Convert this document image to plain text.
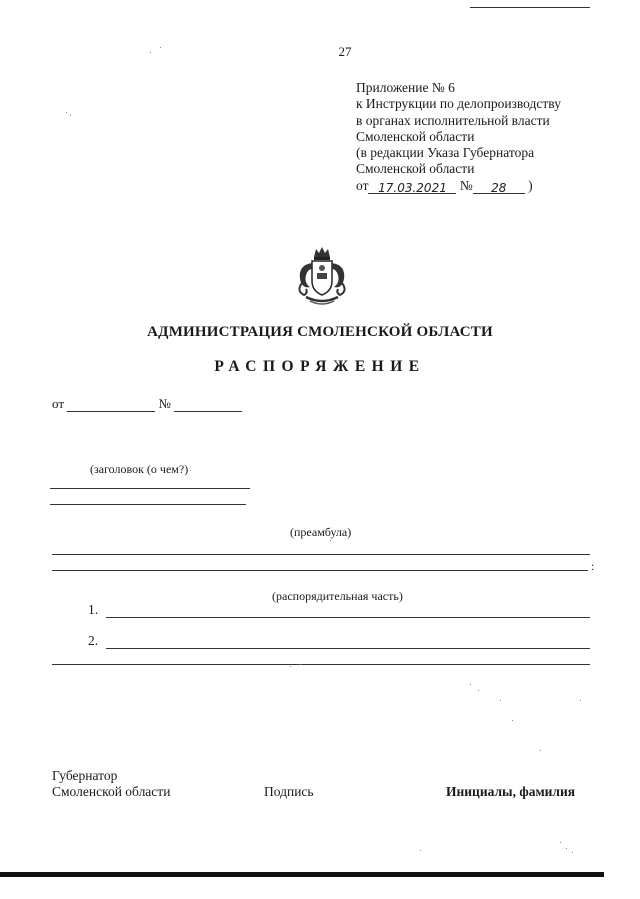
27
Приложение № 6
к Инструкции по делопроизводству
в органах исполнительной власти
Смоленской области
(в редакции Указа Губернатора
Смоленской области
от 17.03.2021 № 28 )
АДМИНИСТРАЦИЯ СМОЛЕНСКОЙ ОБЛАСТИ
РАСПОРЯЖЕНИЕ
от	№
(заголовок (о чем?)
(преамбула)
:
(распорядительная часть)
1.
2.
Губернатор
Смоленской области	Подпись	Инициалы, фамилия
